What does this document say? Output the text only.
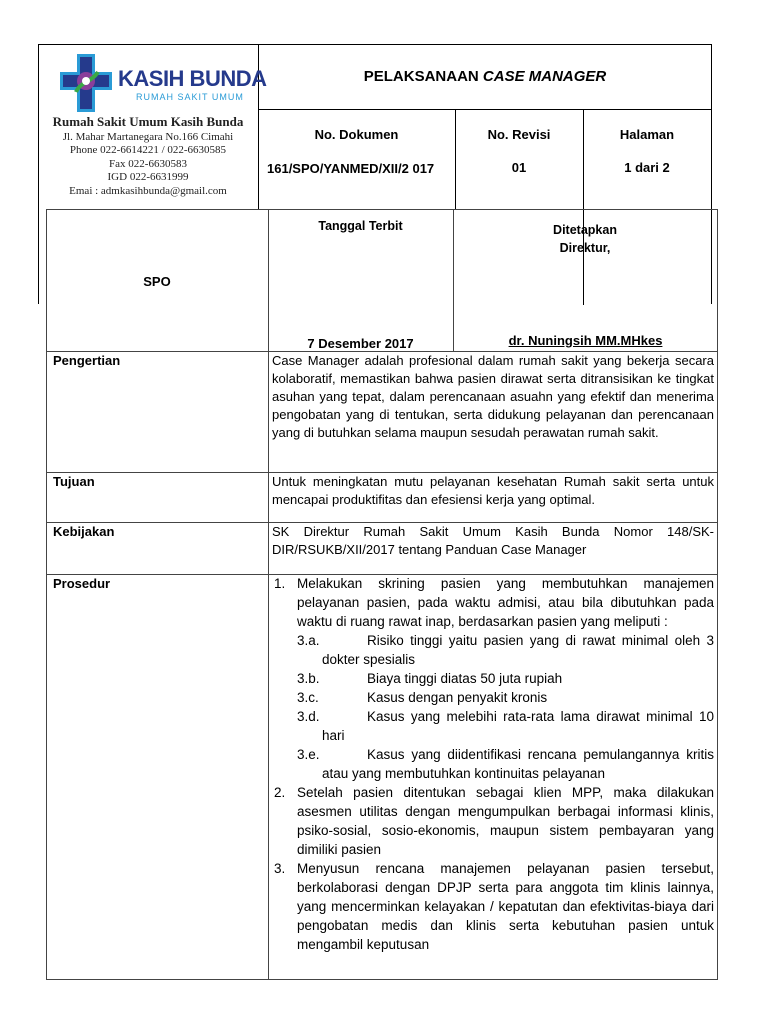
KASIH BUNDA
RUMAH SAKIT UMUM
Rumah Sakit Umum Kasih Bunda
Jl. Mahar Martanegara No.166 Cimahi
Phone 022-6614221 / 022-6630585
Fax 022-6630583
IGD 022-6631999
Emai : admkasihbunda@gmail.com
PELAKSANAAN CASE MANAGER
No. Dokumen
161/SPO/YANMED/XII/2 017
No. Revisi
01
Halaman
1 dari 2
SPO
Tanggal Terbit
7 Desember 2017
Ditetapkan
Direktur,
dr. Nuningsih MM.MHkes
Pengertian	Case Manager adalah profesional dalam rumah sakit yang bekerja secara kolaboratif, memastikan bahwa pasien dirawat serta ditransisikan ke tingkat asuhan yang tepat, dalam perencanaan asuahn yang efektif dan menerima pengobatan yang di tentukan, serta didukung pelayanan dan perencanaan yang di butuhkan selama maupun sesudah perawatan rumah sakit.
Tujuan	Untuk meningkatan mutu pelayanan kesehatan Rumah sakit serta untuk mencapai produktifitas dan efesiensi kerja yang optimal.
Kebijakan	SK Direktur Rumah Sakit Umum Kasih Bunda Nomor 148/SK-DIR/RSUKB/XII/2017 tentang Panduan Case Manager
Prosedur	1. Melakukan skrining pasien yang membutuhkan manajemen pelayanan pasien, pada waktu admisi, atau bila dibutuhkan pada waktu di ruang rawat inap, berdasarkan pasien yang meliputi :
3.a.	Risiko tinggi yaitu pasien yang di rawat minimal oleh 3 dokter spesialis
3.b.	Biaya tinggi diatas 50 juta rupiah
3.c.	Kasus dengan penyakit kronis
3.d.	Kasus yang melebihi rata-rata lama dirawat minimal 10 hari
3.e.	Kasus yang diidentifikasi rencana pemulangannya kritis atau yang membutuhkan kontinuitas pelayanan
2. Setelah pasien ditentukan sebagai klien MPP, maka dilakukan asesmen utilitas dengan mengumpulkan berbagai informasi klinis, psiko-sosial, sosio-ekonomis, maupun sistem pembayaran yang dimiliki pasien
3. Menyusun rencana manajemen pelayanan pasien tersebut, berkolaborasi dengan DPJP serta para anggota tim klinis lainnya, yang mencerminkan kelayakan / kepatutan dan efektivitas-biaya dari pengobatan medis dan klinis serta kebutuhan pasien untuk mengambil keputusan
